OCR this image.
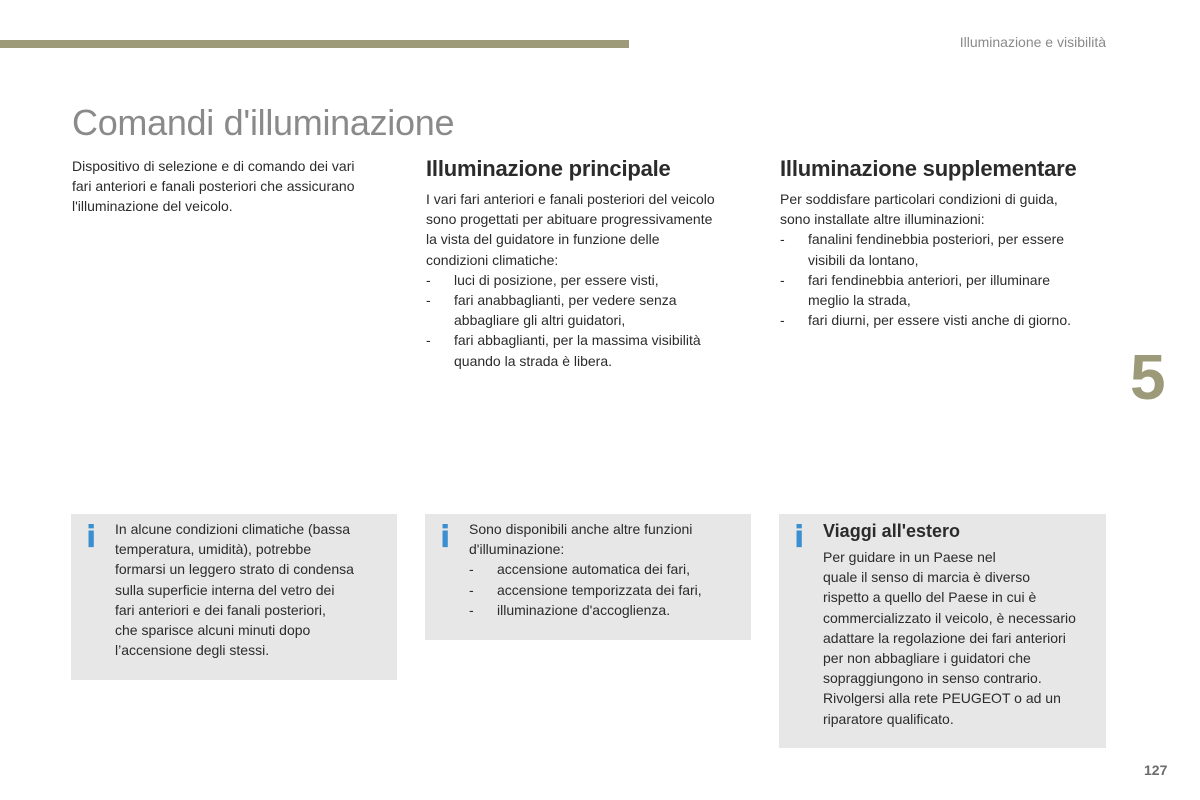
Illuminazione e visibilità
Comandi d'illuminazione

Dispositivo di selezione e di comando dei vari
fari anteriori e fanali posteriori che assicurano
l'illuminazione del veicolo.

Illuminazione principale

I vari fari anteriori e fanali posteriori del veicolo
sono progettati per abituare progressivamente
la vista del guidatore in funzione delle
condizioni climatiche:

- luci di posizione, per essere visti,
- fari anabbaglianti, per vedere senza
abbagliare gli altri guidatori,
- fari abbaglianti, per la massima visibilità
quando la strada è libera.
Illuminazione supplementare

Per soddisfare particolari condizioni di guida,
sono installate altre illuminazioni:

- fanalini fendinebbia posteriori, per essere
visibili da lontano,
- fari fendinebbia anteriori, per illuminare
meglio la strada,
- fari diurni, per essere visti anche di giorno.
5
i In alcune condizioni climatiche (bassa
temperatura, umidità), potrebbe
formarsi un leggero strato di condensa
sulla superficie interna del vetro dei
fari anteriori e dei fanali posteriori,
che sparisce alcuni minuti dopo
l’accensione degli stessi.
i Sono disponibili anche altre funzioni
d'illuminazione:
- accensione automatica dei fari,
- accensione temporizzata dei fari,
- illuminazione d'accoglienza.
i Viaggi all'estero
Per guidare in un Paese nel
quale il senso di marcia è diverso
rispetto a quello del Paese in cui è
commercializzato il veicolo, è necessario
adattare la regolazione dei fari anteriori
per non abbagliare i guidatori che
sopraggiungono in senso contrario.
Rivolgersi alla rete PEUGEOT o ad un
riparatore qualificato.
127
